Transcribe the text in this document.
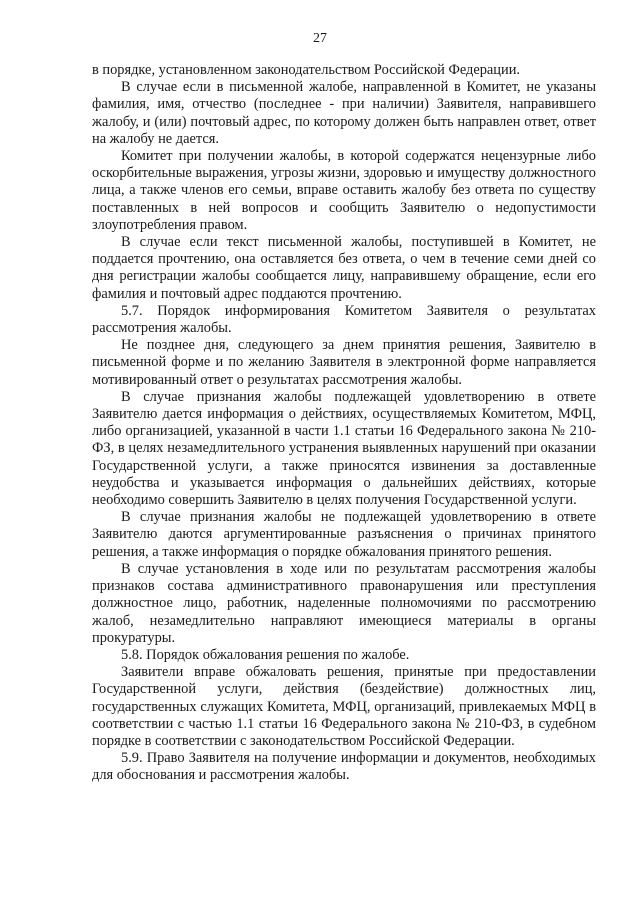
27

в порядке, установленном законодательством Российской Федерации.

В случае если в письменной жалобе, направленной в Комитет, не указаны фамилия, имя, отчество (последнее - при наличии) Заявителя, направившего жалобу, и (или) почтовый адрес, по которому должен быть направлен ответ, ответ на жалобу не дается.

Комитет при получении жалобы, в которой содержатся нецензурные либо оскорбительные выражения, угрозы жизни, здоровью и имуществу должностного лица, а также членов его семьи, вправе оставить жалобу без ответа по существу поставленных в ней вопросов и сообщить Заявителю о недопустимости злоупотребления правом.

В случае если текст письменной жалобы, поступившей в Комитет, не поддается прочтению, она оставляется без ответа, о чем в течение семи дней со дня регистрации жалобы сообщается лицу, направившему обращение, если его фамилия и почтовый адрес поддаются прочтению.

5.7. Порядок информирования Комитетом Заявителя о результатах рассмотрения жалобы.

Не позднее дня, следующего за днем принятия решения, Заявителю в письменной форме и по желанию Заявителя в электронной форме направляется мотивированный ответ о результатах рассмотрения жалобы.

В случае признания жалобы подлежащей удовлетворению в ответе Заявителю дается информация о действиях, осуществляемых Комитетом, МФЦ, либо организацией, указанной в части 1.1 статьи 16 Федерального закона № 210-ФЗ, в целях незамедлительного устранения выявленных нарушений при оказании Государственной услуги, а также приносятся извинения за доставленные неудобства и указывается информация о дальнейших действиях, которые необходимо совершить Заявителю в целях получения Государственной услуги.

В случае признания жалобы не подлежащей удовлетворению в ответе Заявителю даются аргументированные разъяснения о причинах принятого решения, а также информация о порядке обжалования принятого решения.

В случае установления в ходе или по результатам рассмотрения жалобы признаков состава административного правонарушения или преступления должностное лицо, работник, наделенные полномочиями по рассмотрению жалоб, незамедлительно направляют имеющиеся материалы в органы прокуратуры.

5.8. Порядок обжалования решения по жалобе.

Заявители вправе обжаловать решения, принятые при предоставлении Государственной услуги, действия (бездействие) должностных лиц, государственных служащих Комитета, МФЦ, организаций, привлекаемых МФЦ в соответствии с частью 1.1 статьи 16 Федерального закона № 210-ФЗ, в судебном порядке в соответствии с законодательством Российской Федерации.

5.9. Право Заявителя на получение информации и документов, необходимых для обоснования и рассмотрения жалобы.
